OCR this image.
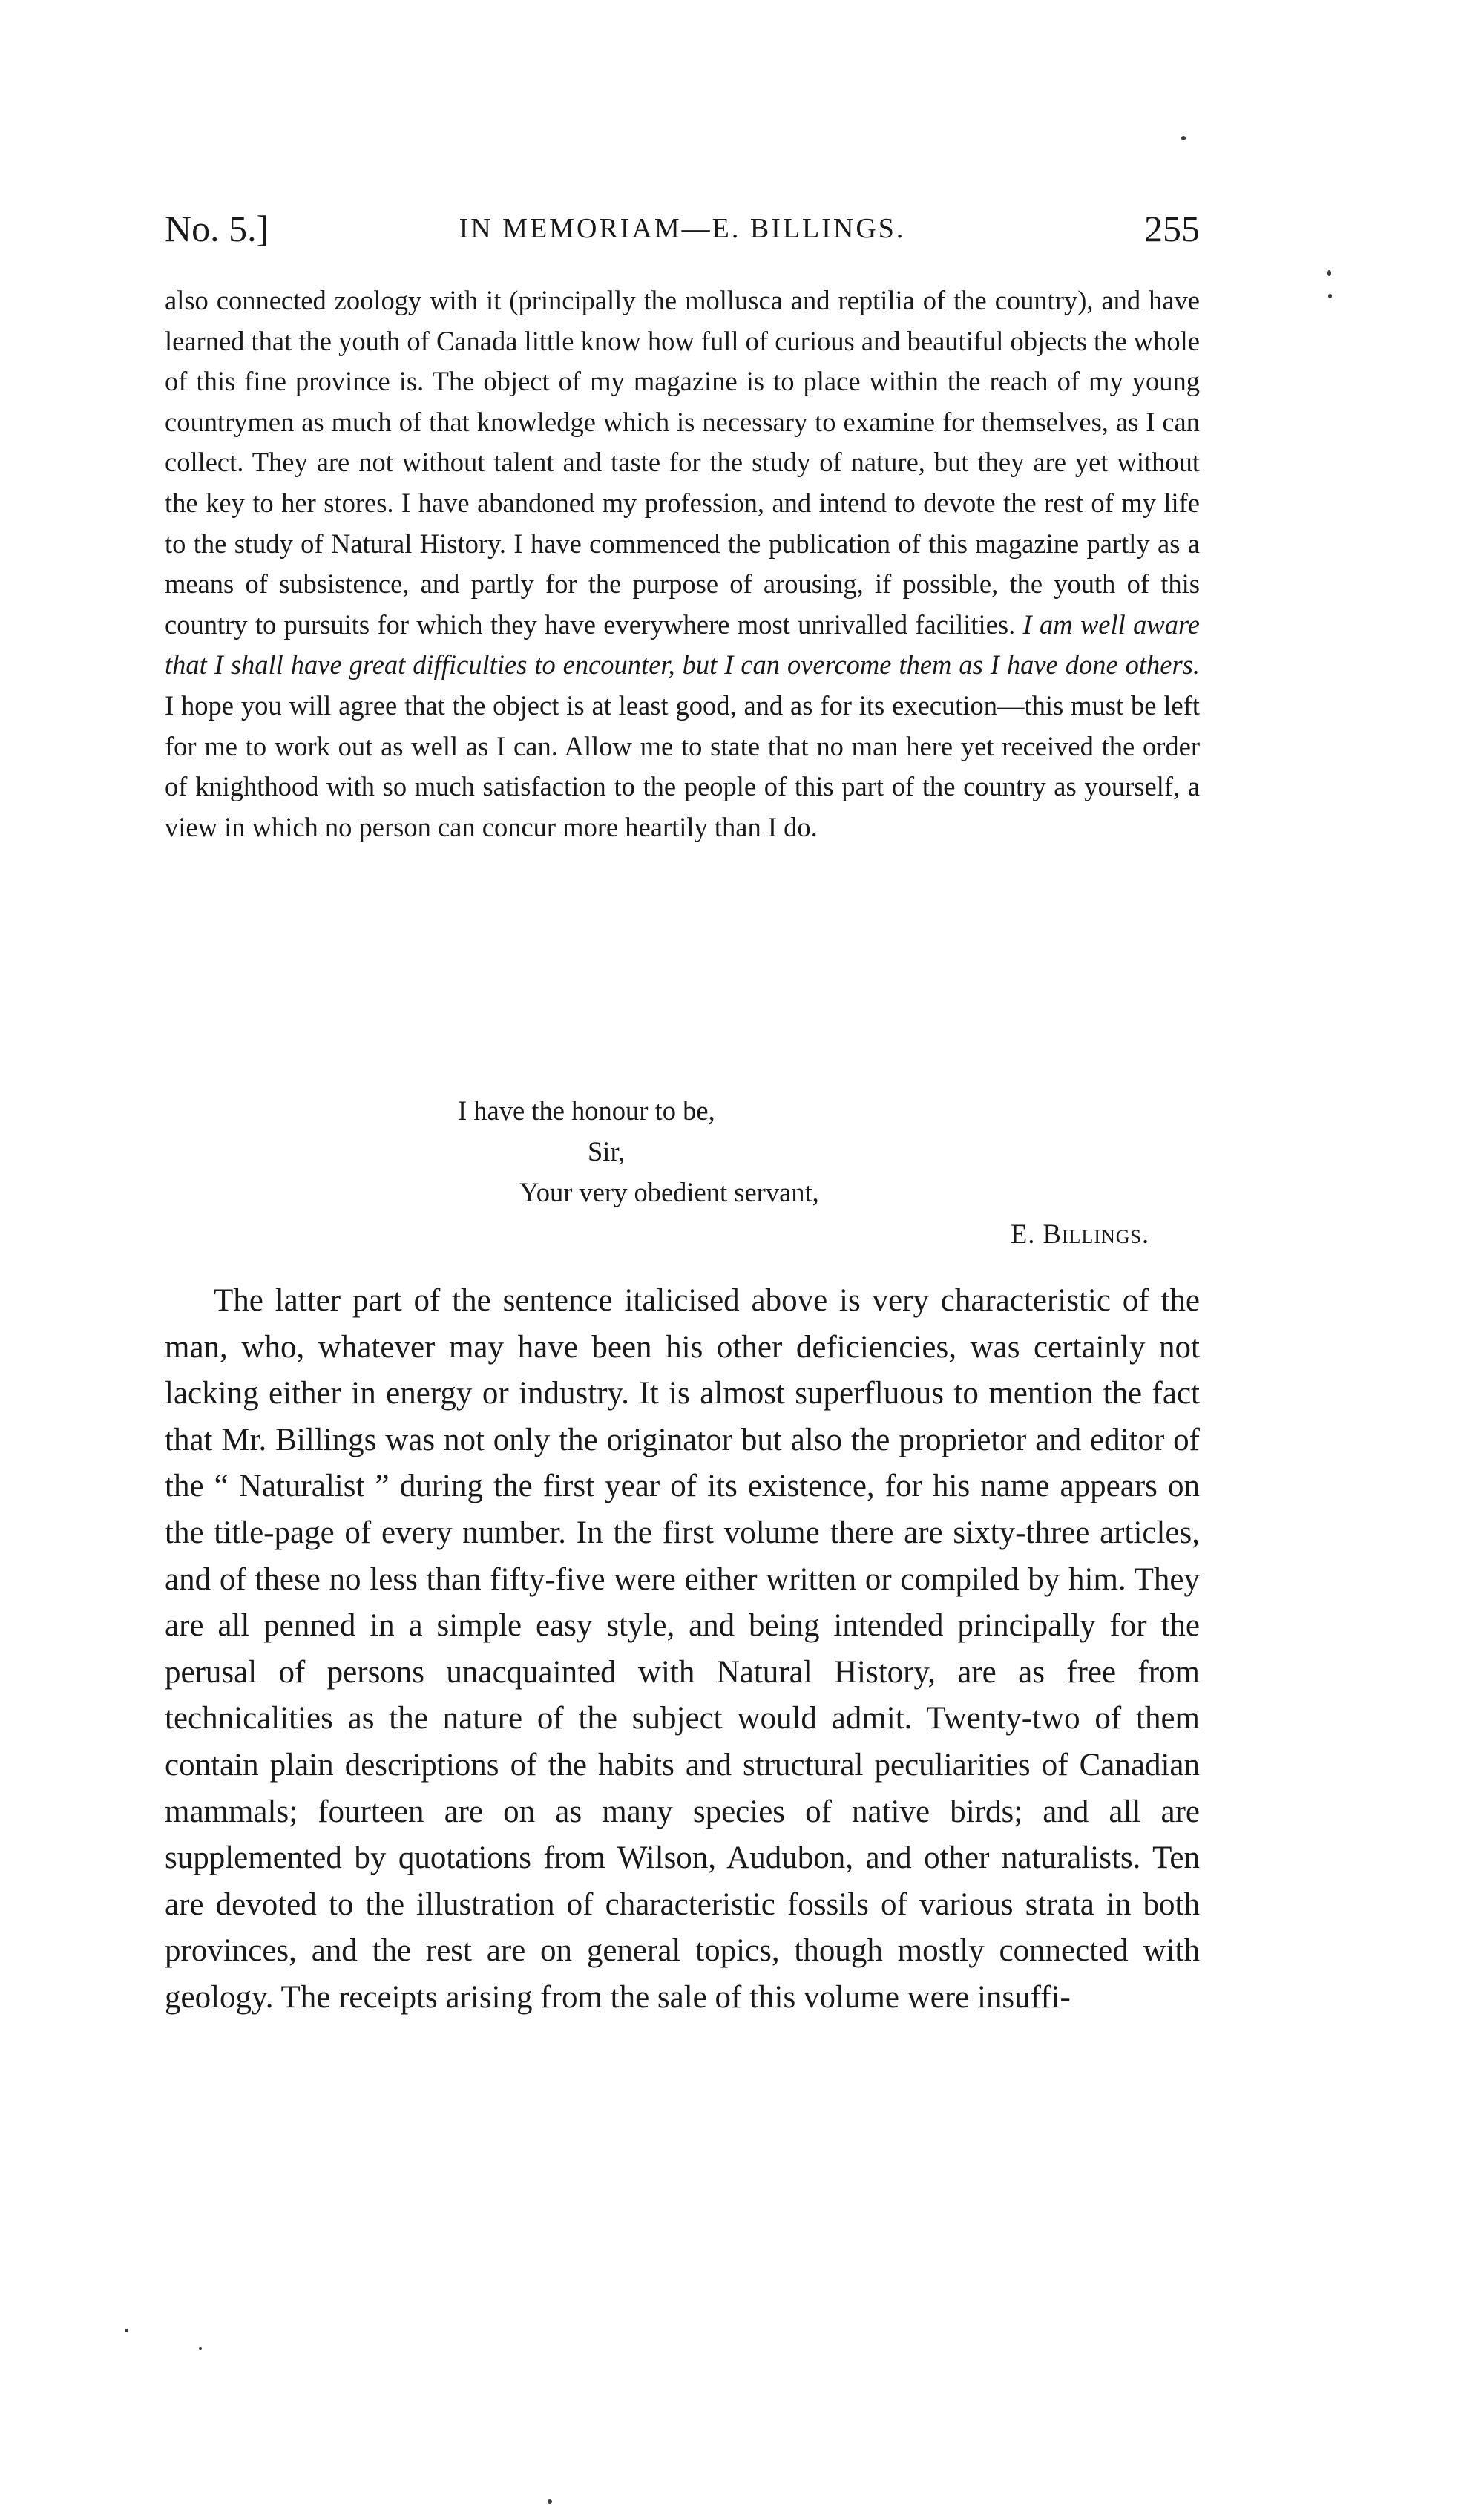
No. 5.]	IN MEMORIAM—E. BILLINGS.	255

also connected zoology with it (principally the mollusca and reptilia of the country), and have learned that the youth of Canada little know how full of curious and beautiful objects the whole of this fine province is. The object of my magazine is to place within the reach of my young countrymen as much of that knowledge which is necessary to examine for themselves, as I can collect. They are not without talent and taste for the study of nature, but they are yet without the key to her stores. I have abandoned my profession, and intend to devote the rest of my life to the study of Natural History. I have commenced the publication of this magazine partly as a means of subsistence, and partly for the purpose of arousing, if possible, the youth of this country to pursuits for which they have everywhere most unrivalled facilities. I am well aware that I shall have great difficulties to encounter, but I can overcome them as I have done others. I hope you will agree that the object is at least good, and as for its execution—this must be left for me to work out as well as I can. Allow me to state that no man here yet received the order of knighthood with so much satisfaction to the people of this part of the country as yourself, a view in which no person can concur more heartily than I do.

I have the honour to be,
Sir,
Your very obedient servant,
E. Billings.

The latter part of the sentence italicised above is very characteristic of the man, who, whatever may have been his other deficiencies, was certainly not lacking either in energy or industry. It is almost superfluous to mention the fact that Mr. Billings was not only the originator but also the proprietor and editor of the “ Naturalist ” during the first year of its existence, for his name appears on the title-page of every number. In the first volume there are sixty-three articles, and of these no less than fifty-five were either written or compiled by him. They are all penned in a simple easy style, and being intended principally for the perusal of persons unacquainted with Natural History, are as free from technicalities as the nature of the subject would admit. Twenty-two of them contain plain descriptions of the habits and structural peculiarities of Canadian mammals; fourteen are on as many species of native birds; and all are supplemented by quotations from Wilson, Audubon, and other naturalists. Ten are devoted to the illustration of characteristic fossils of various strata in both provinces, and the rest are on general topics, though mostly connected with geology. The receipts arising from the sale of this volume were insuffi-
